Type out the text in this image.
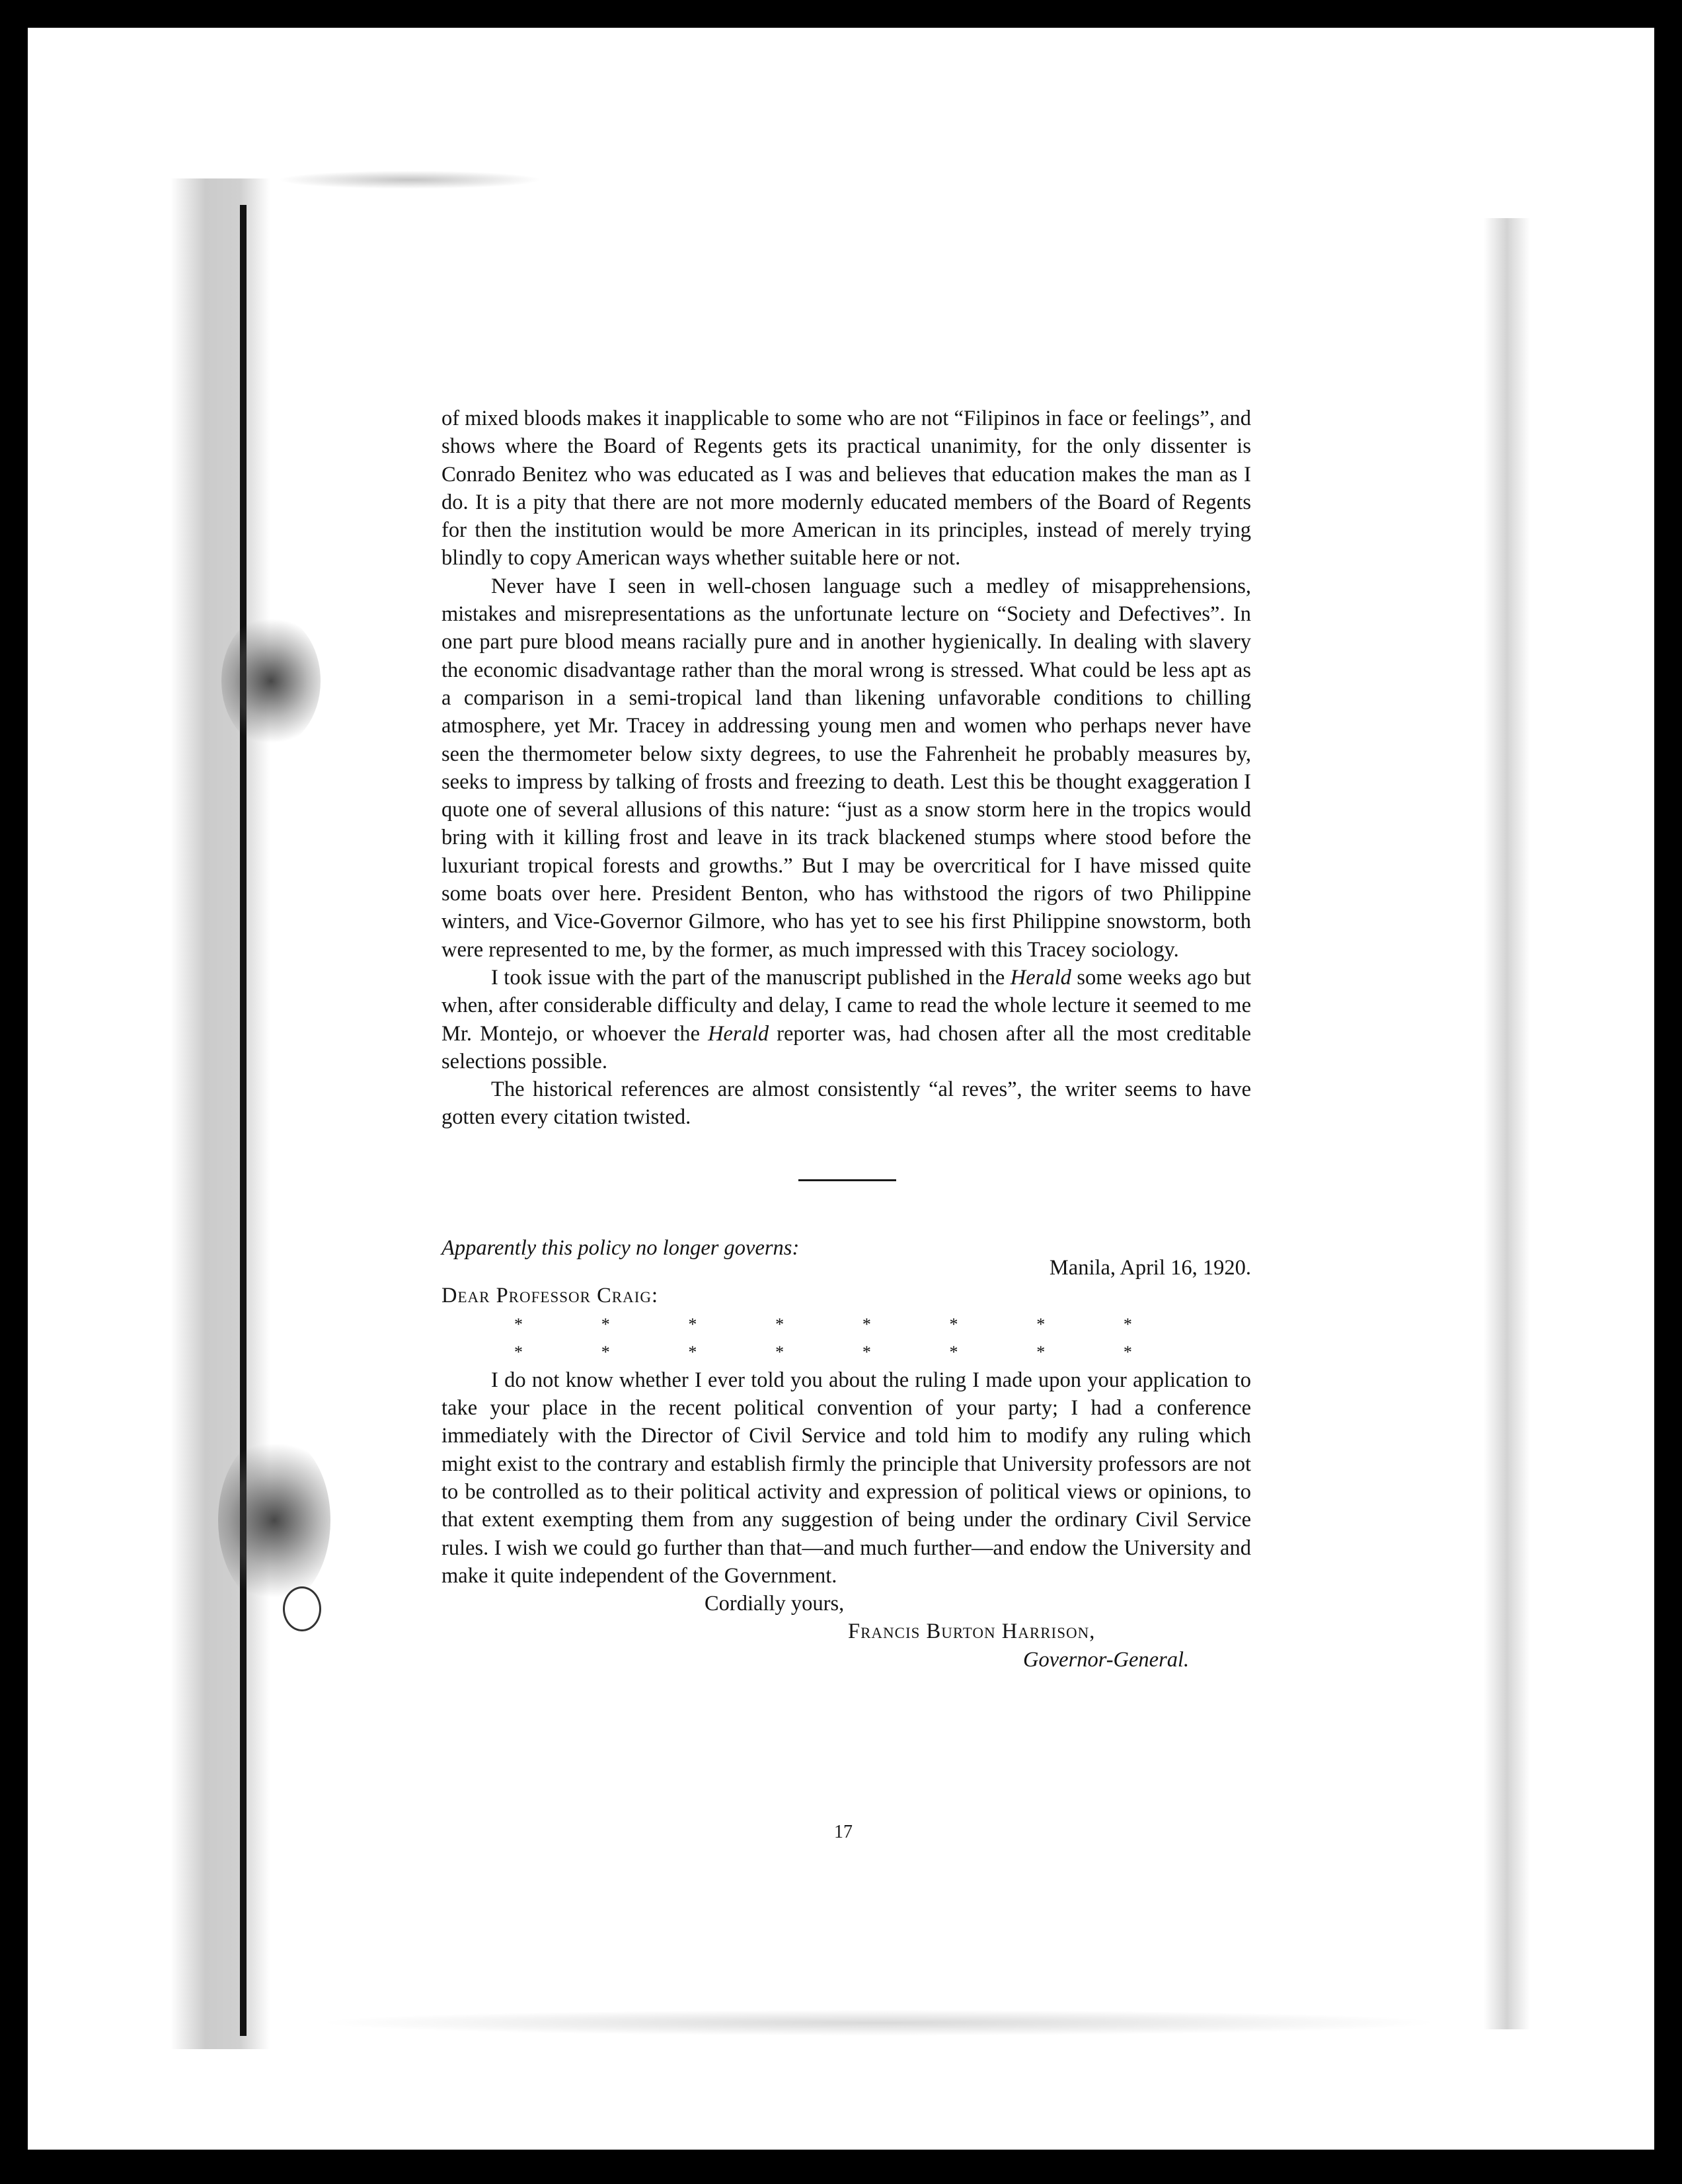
of mixed bloods makes it inapplicable to some who are not “Filipinos in face or feelings”, and shows where the Board of Regents gets its practical unanimity, for the only dissenter is Conrado Benitez who was educated as I was and believes that education makes the man as I do. It is a pity that there are not more modernly educated members of the Board of Regents for then the institution would be more American in its principles, instead of merely trying blindly to copy American ways whether suitable here or not.

Never have I seen in well-chosen language such a medley of misapprehensions, mistakes and misrepresentations as the unfortunate lecture on “Society and Defectives”. In one part pure blood means racially pure and in another hygienically. In dealing with slavery the economic disadvantage rather than the moral wrong is stressed. What could be less apt as a comparison in a semi-tropical land than likening unfavorable conditions to chilling atmosphere, yet Mr. Tracey in addressing young men and women who perhaps never have seen the thermometer below sixty degrees, to use the Fahrenheit he probably measures by, seeks to impress by talking of frosts and freezing to death. Lest this be thought exaggeration I quote one of several allusions of this nature: “just as a snow storm here in the tropics would bring with it killing frost and leave in its track blackened stumps where stood before the luxuriant tropical forests and growths.” But I may be overcritical for I have missed quite some boats over here. President Benton, who has withstood the rigors of two Philippine winters, and Vice-Governor Gilmore, who has yet to see his first Philippine snowstorm, both were represented to me, by the former, as much impressed with this Tracey sociology.

I took issue with the part of the manuscript published in the Herald some weeks ago but when, after considerable difficulty and delay, I came to read the whole lecture it seemed to me Mr. Montejo, or whoever the Herald reporter was, had chosen after all the most creditable selections possible.

The historical references are almost consistently “al reves”, the writer seems to have gotten every citation twisted.

Apparently this policy no longer governs:

Manila, April 16, 1920.

Dear Professor Craig:

*	*	*	*	*	*	*	*
*	*	*	*	*	*	*	*

I do not know whether I ever told you about the ruling I made upon your application to take your place in the recent political convention of your party; I had a conference immediately with the Director of Civil Service and told him to modify any ruling which might exist to the contrary and establish firmly the principle that University professors are not to be controlled as to their political activity and expression of political views or opinions, to that extent exempting them from any suggestion of being under the ordinary Civil Service rules. I wish we could go further than that—and much further—and endow the University and make it quite independent of the Government.

Cordially yours,

Francis Burton Harrison,

Governor-General.

17
